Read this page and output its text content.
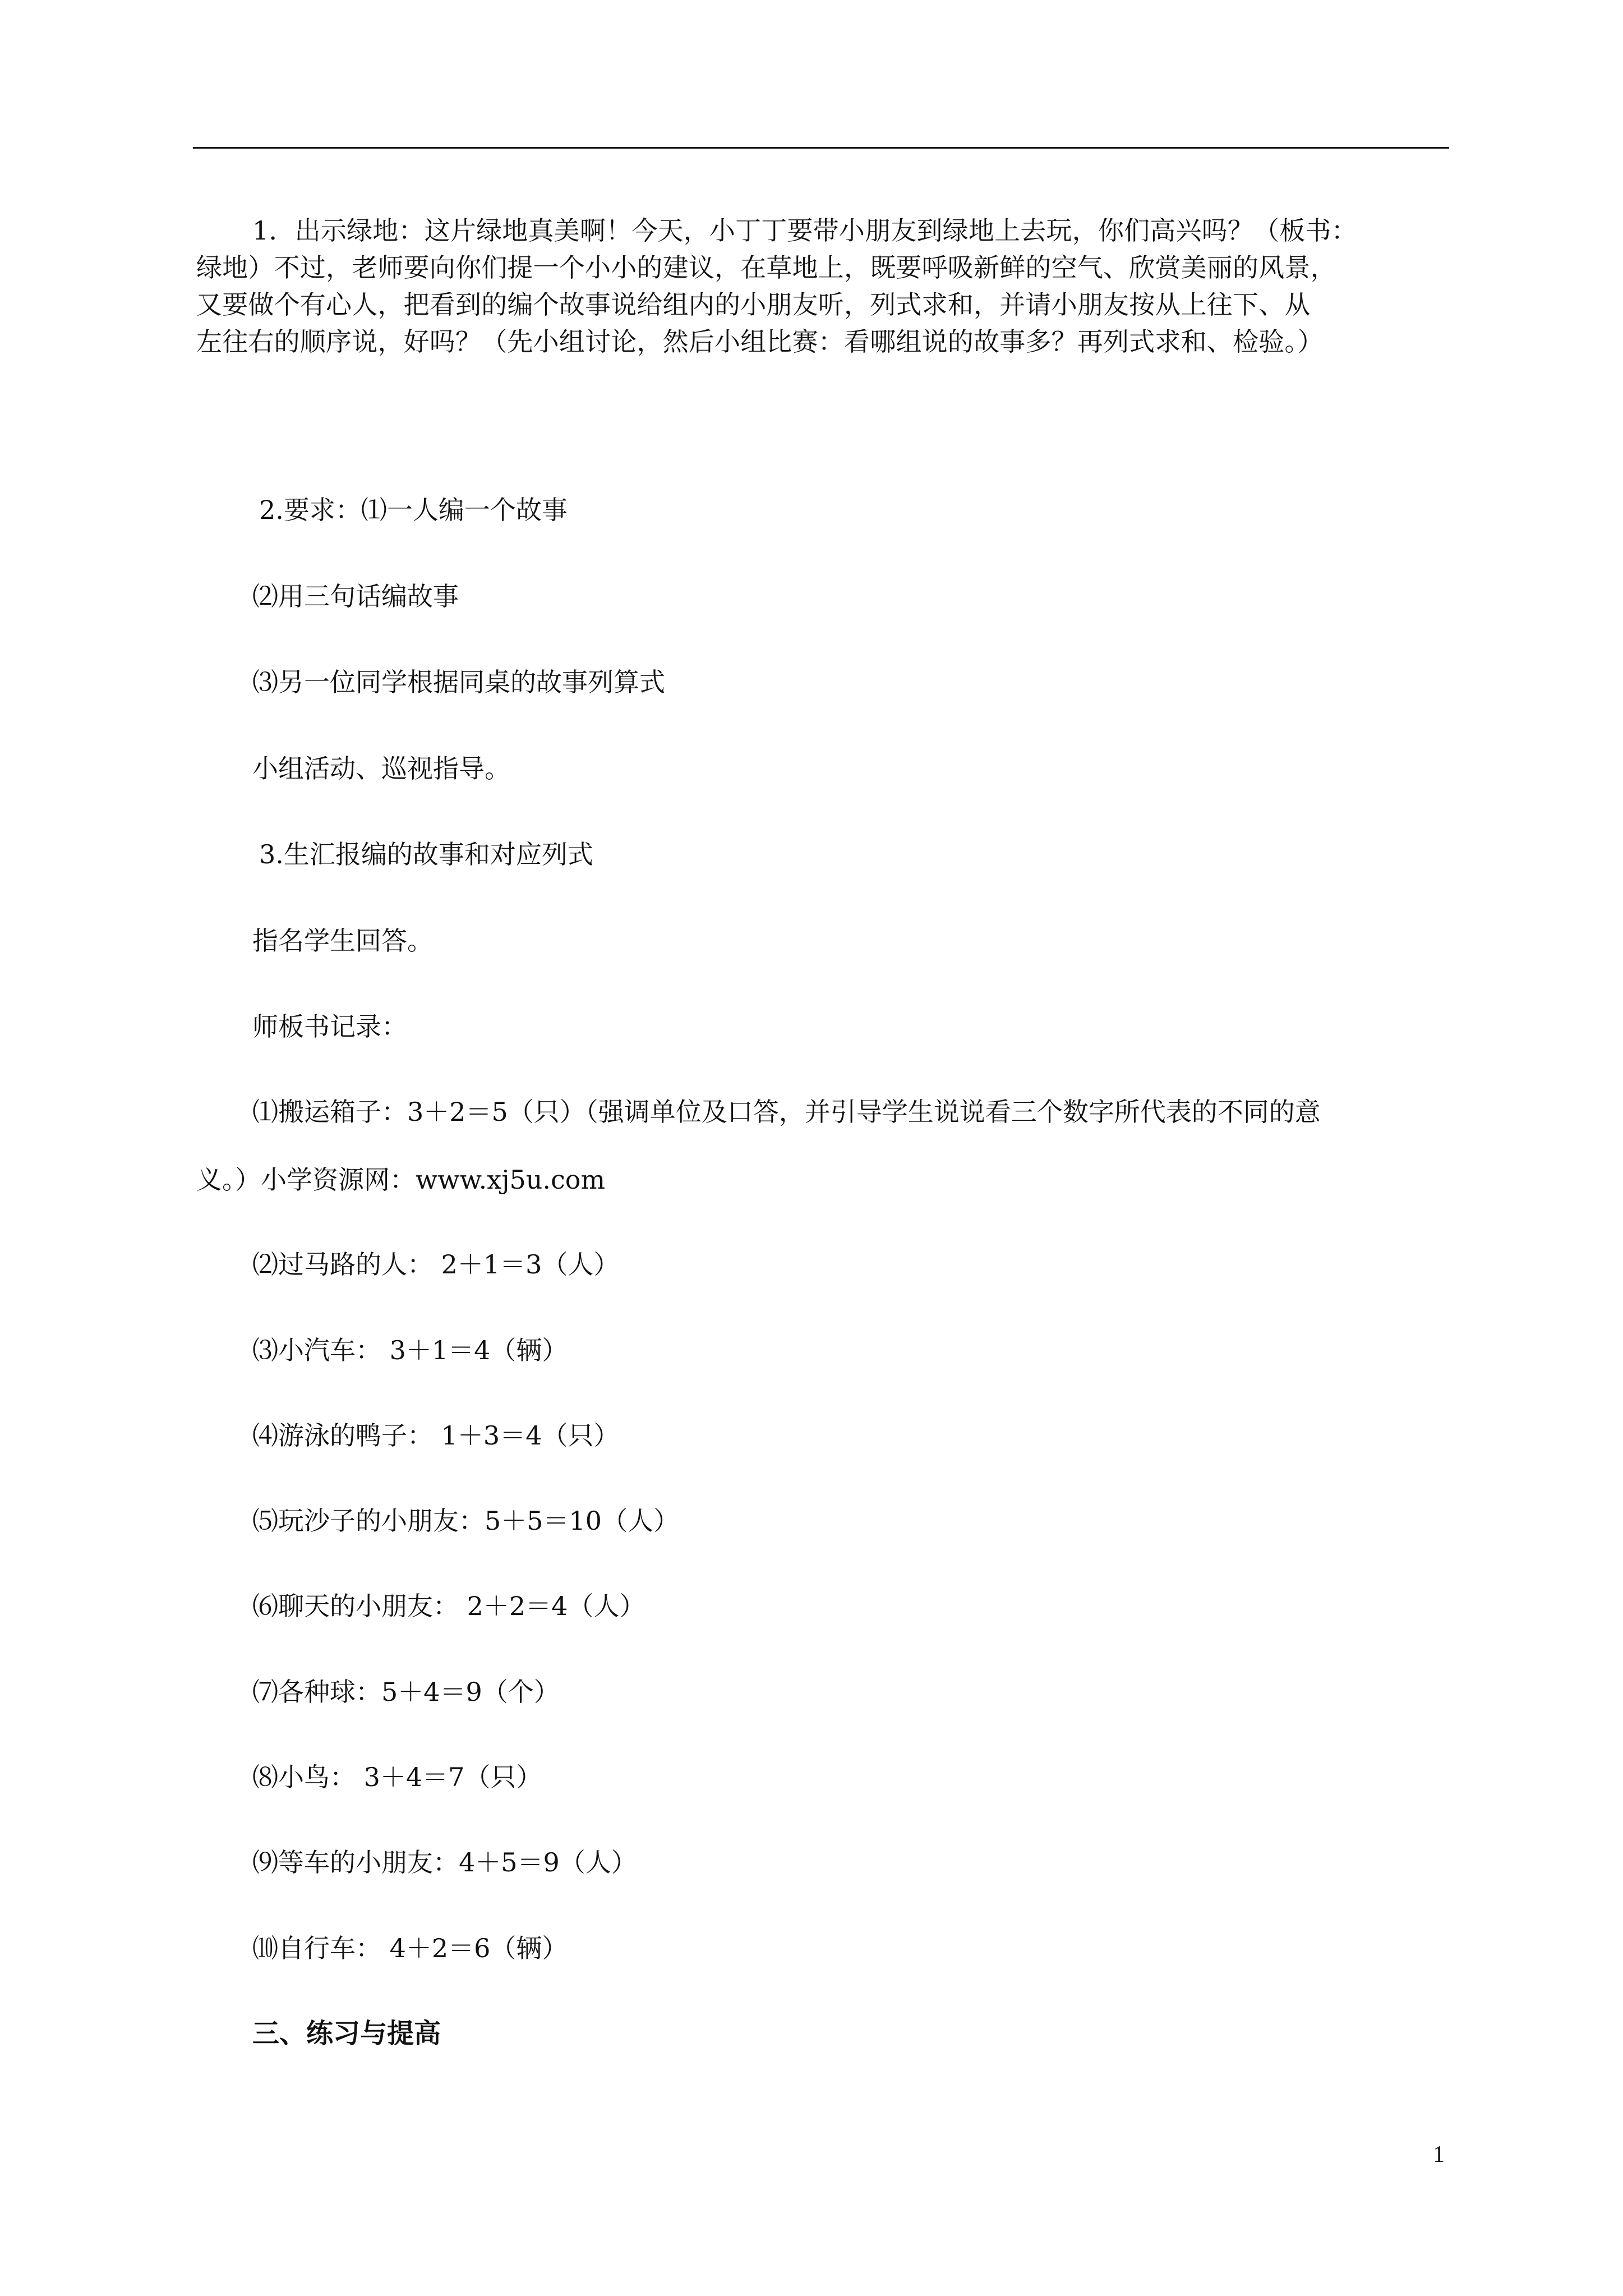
1．出示绿地：这片绿地真美啊！今天，小丁丁要带小朋友到绿地上去玩，你们高兴吗？（板书：
绿地）不过，老师要向你们提一个小小的建议，在草地上，既要呼吸新鲜的空气、欣赏美丽的风景，
又要做个有心人，把看到的编个故事说给组内的小朋友听，列式求和，并请小朋友按从上往下、从
左往右的顺序说，好吗？（先小组讨论，然后小组比赛：看哪组说的故事多？再列式求和、检验。）
2.要求：⑴一人编一个故事
⑵用三句话编故事
⑶另一位同学根据同桌的故事列算式
小组活动、巡视指导。
3.生汇报编的故事和对应列式
指名学生回答。
师板书记录：
⑴搬运箱子：3＋2＝5（只）（强调单位及口答，并引导学生说说看三个数字所代表的不同的意
义。）小学资源网：www.xj5u.com
⑵过马路的人： 2＋1＝3（人）
⑶小汽车： 3＋1＝4（辆）
⑷游泳的鸭子： 1＋3＝4（只）
⑸玩沙子的小朋友：5＋5＝10（人）
⑹聊天的小朋友： 2＋2＝4（人）
⑺各种球：5＋4＝9（个）
⑻小鸟： 3＋4＝7（只）
⑼等车的小朋友：4＋5＝9（人）
⑽自行车： 4＋2＝6（辆）
三、练习与提高
1
